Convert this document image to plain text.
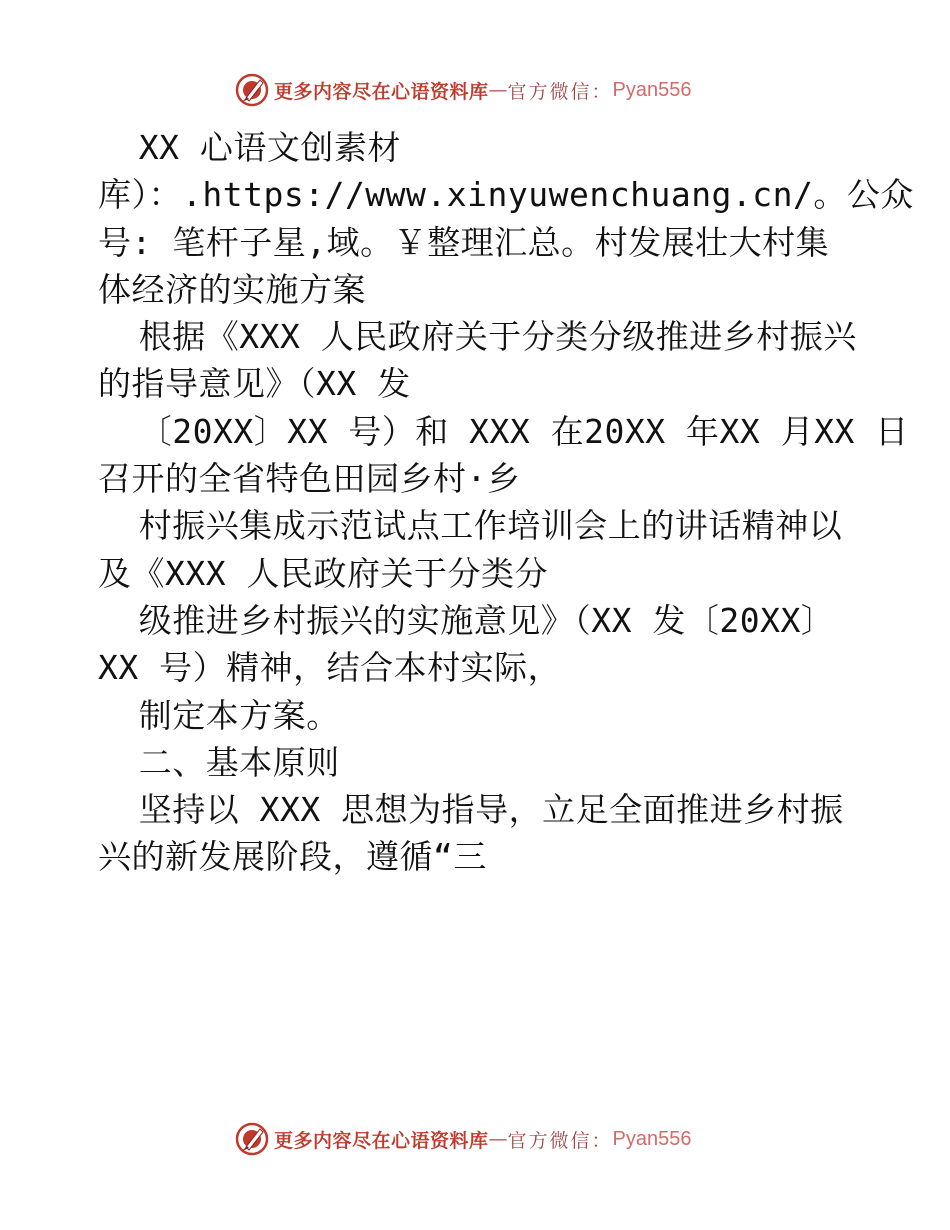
更多内容尽在心语资料库 — 官方微信： Pyan556
XX 心语文创素材
库）：.https://www.xinyuwenchuang.cn/。公众
号: 笔杆子星,域。￥整理汇总。村发展壮大村集
体经济的实施方案
根据《XXX 人民政府关于分类分级推进乡村振兴
的指导意见》（XX 发
〔20XX〕XX 号）和 XXX 在20XX 年XX 月XX 日
召开的全省特色田园乡村·乡
村振兴集成示范试点工作培训会上的讲话精神以
及《XXX 人民政府关于分类分
级推进乡村振兴的实施意见》（XX 发〔20XX〕
XX 号）精神，结合本村实际，
制定本方案。
二、基本原则
坚持以 XXX 思想为指导，立足全面推进乡村振
兴的新发展阶段，遵循“三
更多内容尽在心语资料库 — 官方微信： Pyan556
